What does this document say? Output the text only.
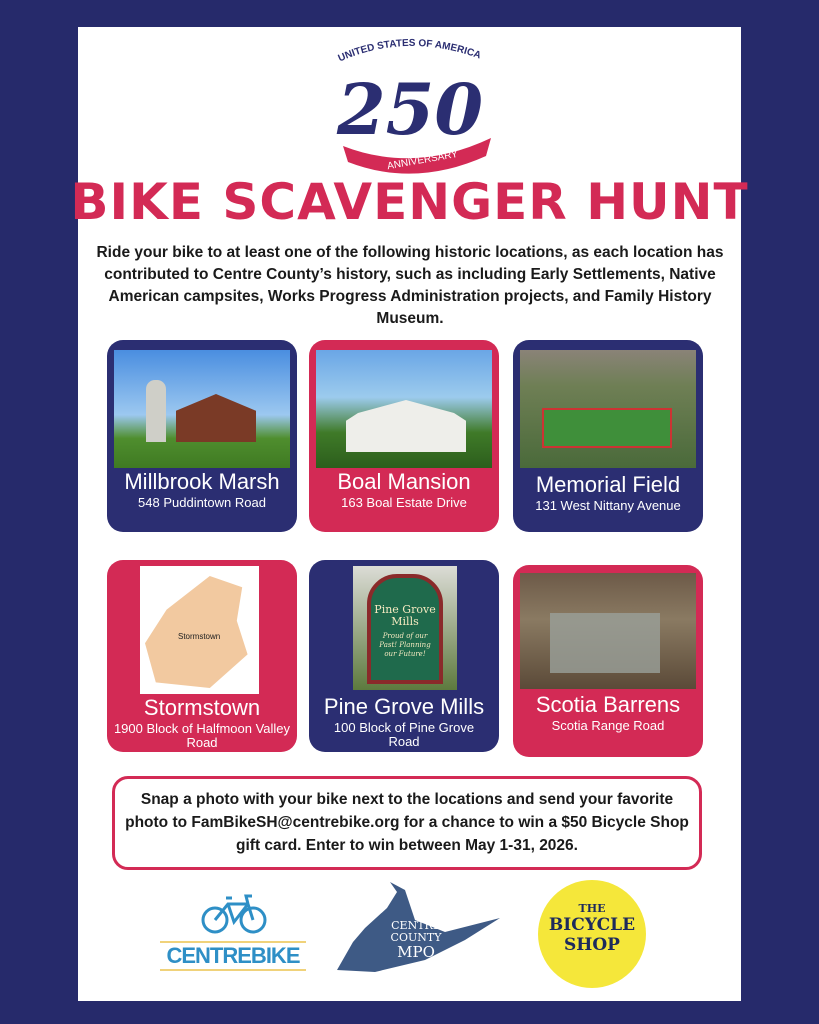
UNITED STATES OF AMERICA
250
ANNIVERSARY
BIKE SCAVENGER HUNT
Ride your bike to at least one of the following historic locations, as each location has contributed to Centre County’s history, such as including Early Settlements, Native American campsites, Works Progress Administration projects, and Family History Museum.
Millbrook Marsh
548 Puddintown Road
Boal Mansion
163 Boal Estate Drive
Memorial Field
131 West Nittany Avenue
Stormstown
Stormstown
1900 Block of Halfmoon Valley Road
Pine Grove Mills
Proud of our Past! Planning our Future!
Pine Grove Mills
100 Block of Pine Grove Road
Scotia Barrens
Scotia Range Road
Snap a photo with your bike next to the locations and send your favorite photo to FamBikeSH@centrebike.org for a chance to win a $50 Bicycle Shop gift card. Enter to win between May 1-31, 2026.
CENTREBIKE
CENTRE
COUNTY
MPO
THE
BICYCLE
SHOP
